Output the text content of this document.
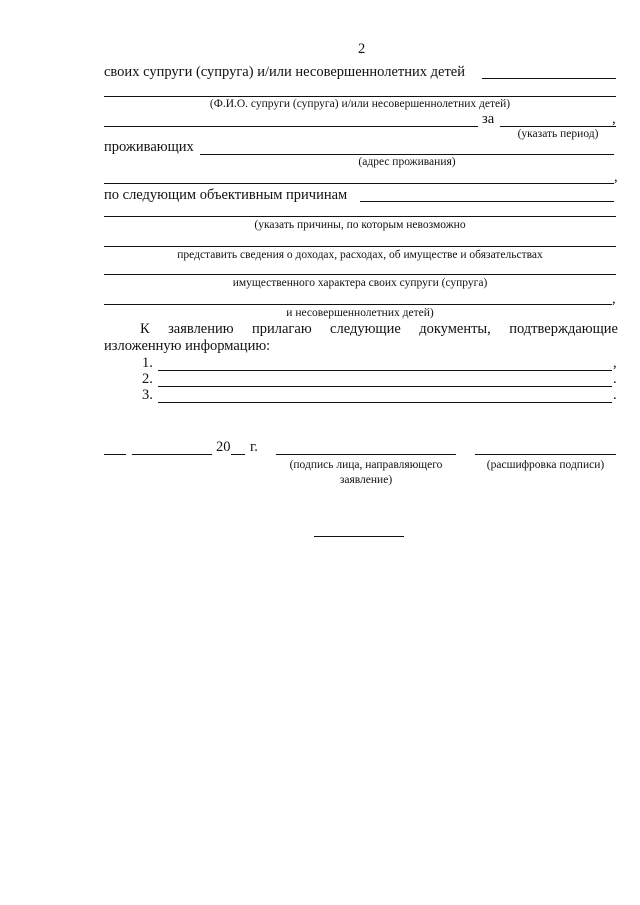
2
своих супруги (супруга) и/или несовершеннолетних детей
(Ф.И.О. супруги (супруга) и/или несовершеннолетних детей)
за	,
(указать период)
проживающих
(адрес проживания)
,
по следующим объективным причинам
(указать причины, по которым невозможно
представить сведения о доходах, расходах, об имуществе и обязательствах
имущественного характера своих супруги (супруга)
,
и несовершеннолетних детей)
К заявлению прилагаю следующие документы, подтверждающие
изложенную информацию:
1.	,
2.	.
3.	.
20 г.
(подпись лица, направляющего
заявление)
(расшифровка подписи)
